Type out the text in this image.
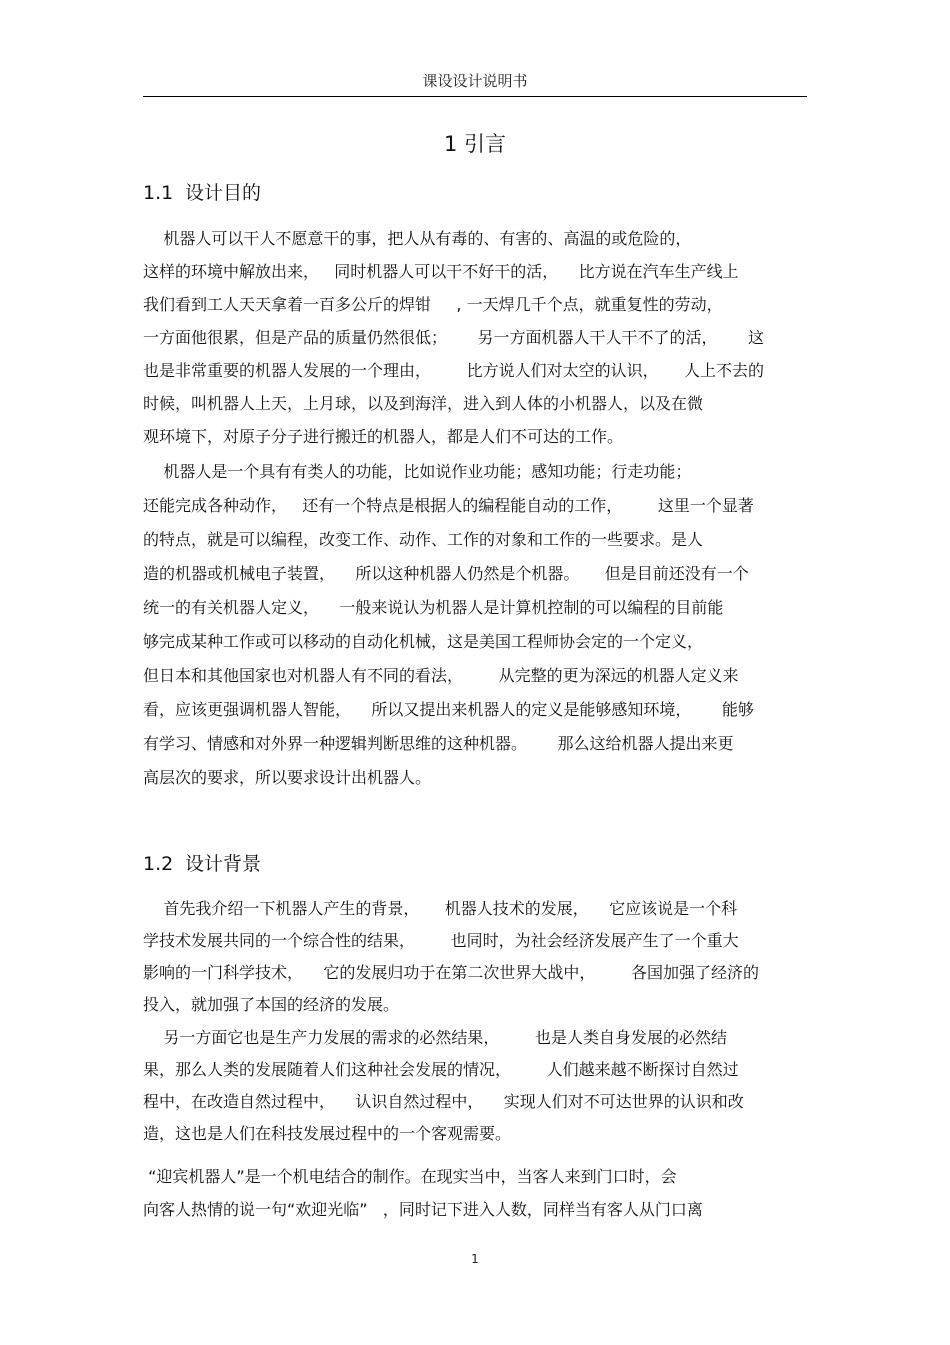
课设设计说明书
1 引言
1.1 设计目的
机器人可以干人不愿意干的事，把人从有毒的、有害的、高温的或危险的，
这样的环境中解放出来，   同时机器人可以干不好干的活，    比方说在汽车生产线上
我们看到工人天天拿着一百多公斤的焊钳     , 一天焊几千个点，就重复性的劳动，
一方面他很累，但是产品的质量仍然很低；      另一方面机器人干人干不了的活，      这
也是非常重要的机器人发展的一个理由，       比方说人们对太空的认识，     人上不去的
时候，叫机器人上天，上月球，以及到海洋，进入到人体的小机器人，以及在微
观环境下，对原子分子进行搬迁的机器人，都是人们不可达的工作。
机器人是一个具有有类人的功能，比如说作业功能；感知功能；行走功能；
还能完成各种动作，   还有一个特点是根据人的编程能自动的工作，       这里一个显著
的特点，就是可以编程，改变工作、动作、工作的对象和工作的一些要求。是人
造的机器或机械电子装置，    所以这种机器人仍然是个机器。     但是目前还没有一个
统一的有关机器人定义，    一般来说认为机器人是计算机控制的可以编程的目前能
够完成某种工作或可以移动的自动化机械，这是美国工程师协会定的一个定义，
但日本和其他国家也对机器人有不同的看法，       从完整的更为深远的机器人定义来
看，应该更强调机器人智能，    所以又提出来机器人的定义是能够感知环境，      能够
有学习、情感和对外界一种逻辑判断思维的这种机器。      那么这给机器人提出来更
高层次的要求，所以要求设计出机器人。
1.2 设计背景
首先我介绍一下机器人产生的背景，     机器人技术的发展，    它应该说是一个科
学技术发展共同的一个综合性的结果，       也同时，为社会经济发展产生了一个重大
影响的一门科学技术，    它的发展归功于在第二次世界大战中，       各国加强了经济的
投入，就加强了本国的经济的发展。
另一方面它也是生产力发展的需求的必然结果，       也是人类自身发展的必然结
果，那么人类的发展随着人们这种社会发展的情况，       人们越来越不断探讨自然过
程中，在改造自然过程中，    认识自然过程中，    实现人们对不可达世界的认识和改
造，这也是人们在科技发展过程中的一个客观需要。
“迎宾机器人”是一个机电结合的制作。在现实当中，当客人来到门口时，会
向客人热情的说一句“欢迎光临”   ，同时记下进入人数，同样当有客人从门口离
1
